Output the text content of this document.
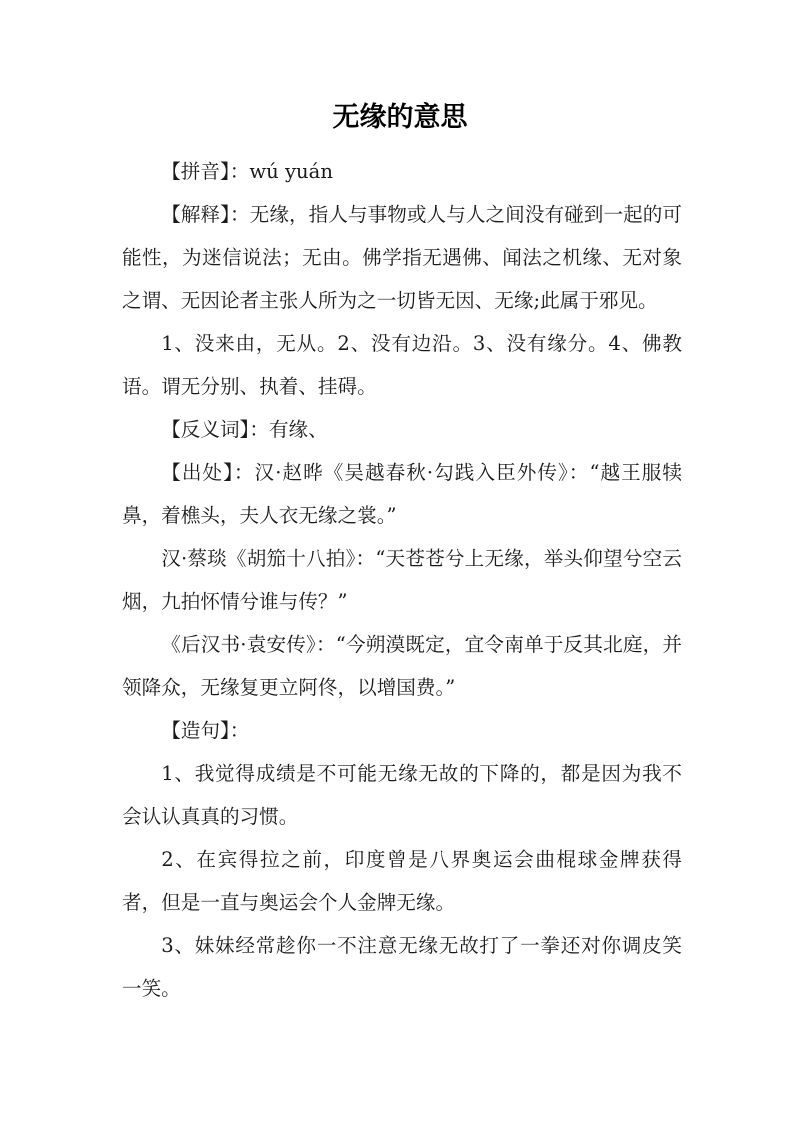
无缘的意思

【拼音】：wú yuán

【解释】：无缘，指人与事物或人与人之间没有碰到一起的可能性，为迷信说法；无由。佛学指无遇佛、闻法之机缘、无对象之谓、无因论者主张人所为之一切皆无因、无缘;此属于邪见。

1、没来由，无从。2、没有边沿。3、没有缘分。4、佛教语。谓无分别、执着、挂碍。

【反义词】：有缘、

【出处】：汉·赵晔《吴越春秋·勾践入臣外传》：“越王服犊鼻，着樵头，夫人衣无缘之裳。”

汉·蔡琰《胡笳十八拍》：“天苍苍兮上无缘，举头仰望兮空云烟，九拍怀情兮谁与传？”

《后汉书·袁安传》：“今朔漠既定，宜令南单于反其北庭，并领降众，无缘复更立阿佟，以增国费。”

【造句】：

1、我觉得成绩是不可能无缘无故的下降的，都是因为我不会认认真真的习惯。

2、在宾得拉之前，印度曾是八界奥运会曲棍球金牌获得者，但是一直与奥运会个人金牌无缘。

3、妹妹经常趁你一不注意无缘无故打了一拳还对你调皮笑一笑。
